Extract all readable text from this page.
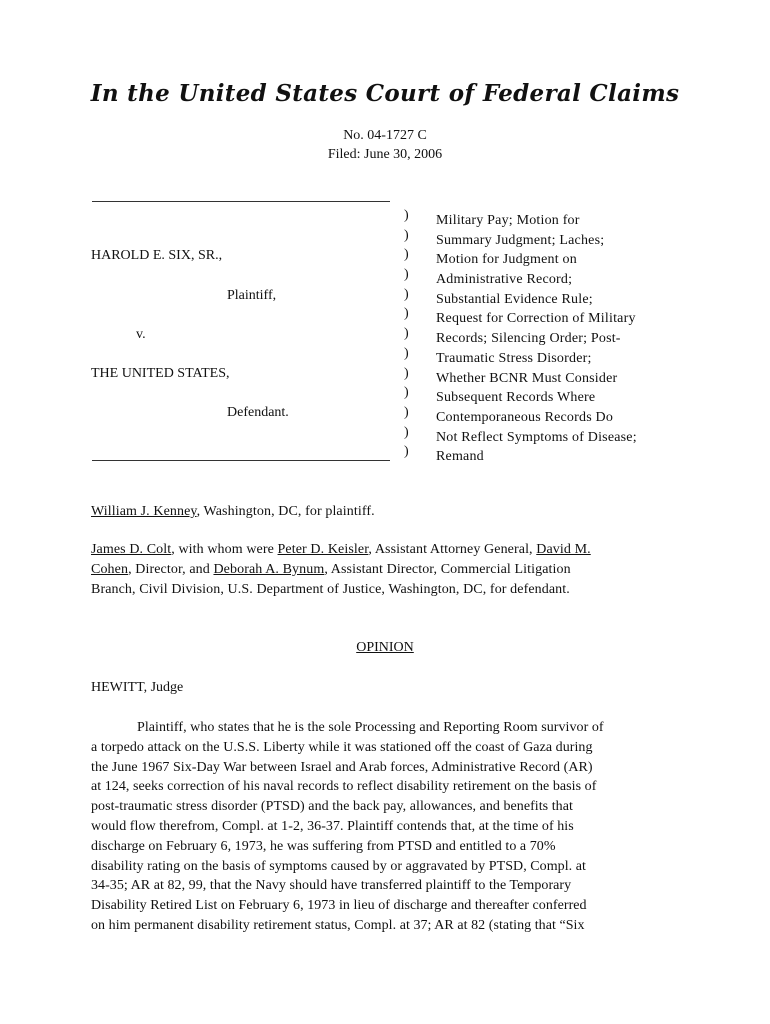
In the United States Court of Federal Claims
No. 04-1727 C
Filed: June 30, 2006
HAROLD E. SIX, SR.,
Plaintiff,
v.
THE UNITED STATES,
Defendant.
)
)
)
)
)
)
)
)
)
)
)
)
)
Military Pay; Motion for
Summary Judgment; Laches;
Motion for Judgment on
Administrative Record;
Substantial Evidence Rule;
Request for Correction of Military
Records; Silencing Order; Post-
Traumatic Stress Disorder;
Whether BCNR Must Consider
Subsequent Records Where
Contemporaneous Records Do
Not Reflect Symptoms of Disease;
Remand
William J. Kenney, Washington, DC, for plaintiff.
James D. Colt, with whom were Peter D. Keisler, Assistant Attorney General, David M.
Cohen, Director, and Deborah A. Bynum, Assistant Director, Commercial Litigation
Branch, Civil Division, U.S. Department of Justice, Washington, DC, for defendant.
OPINION
HEWITT, Judge
Plaintiff, who states that he is the sole Processing and Reporting Room survivor of
a torpedo attack on the U.S.S. Liberty while it was stationed off the coast of Gaza during
the June 1967 Six-Day War between Israel and Arab forces, Administrative Record (AR)
at 124, seeks correction of his naval records to reflect disability retirement on the basis of
post-traumatic stress disorder (PTSD) and the back pay, allowances, and benefits that
would flow therefrom, Compl. at 1-2, 36-37. Plaintiff contends that, at the time of his
discharge on February 6, 1973, he was suffering from PTSD and entitled to a 70%
disability rating on the basis of symptoms caused by or aggravated by PTSD, Compl. at
34-35; AR at 82, 99, that the Navy should have transferred plaintiff to the Temporary
Disability Retired List on February 6, 1973 in lieu of discharge and thereafter conferred
on him permanent disability retirement status, Compl. at 37; AR at 82 (stating that “Six
